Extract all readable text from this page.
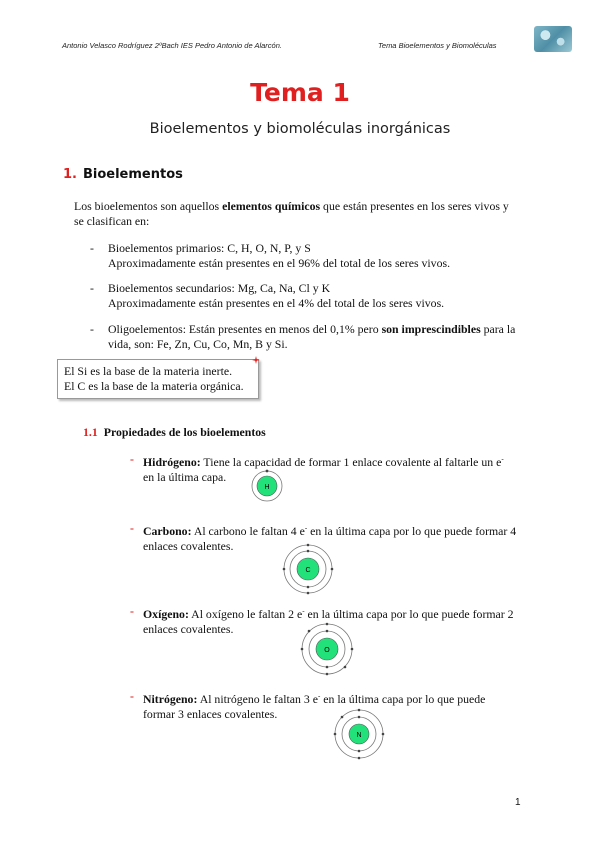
Antonio Velasco Rodríguez 2ºBach IES Pedro Antonio de Alarcón.	Tema Bioelementos y Biomoléculas
Tema 1
Bioelementos y biomoléculas inorgánicas
1. Bioelementos
Los bioelementos son aquellos elementos químicos que están presentes en los seres vivos y
se clasifican en:
- Bioelementos primarios: C, H, O, N, P, y S
Aproximadamente están presentes en el 96% del total de los seres vivos.
- Bioelementos secundarios: Mg, Ca, Na, Cl y K
Aproximadamente están presentes en el 4% del total de los seres vivos.
- Oligoelementos: Están presentes en menos del 0,1% pero son imprescindibles para la
vida, son: Fe, Zn, Cu, Co, Mn, B y Si.
El Si es la base de la materia inerte.
El C es la base de la materia orgánica.
1.1 Propiedades de los bioelementos
- Hidrógeno: Tiene la capacidad de formar 1 enlace covalente al faltarle un e-
en la última capa.
H
- Carbono: Al carbono le faltan 4 e- en la última capa por lo que puede formar 4
enlaces covalentes.
C
- Oxígeno: Al oxígeno le faltan 2 e- en la última capa por lo que puede formar 2
enlaces covalentes.
O
- Nitrógeno: Al nitrógeno le faltan 3 e- en la última capa por lo que puede
formar 3 enlaces covalentes.
N
1
